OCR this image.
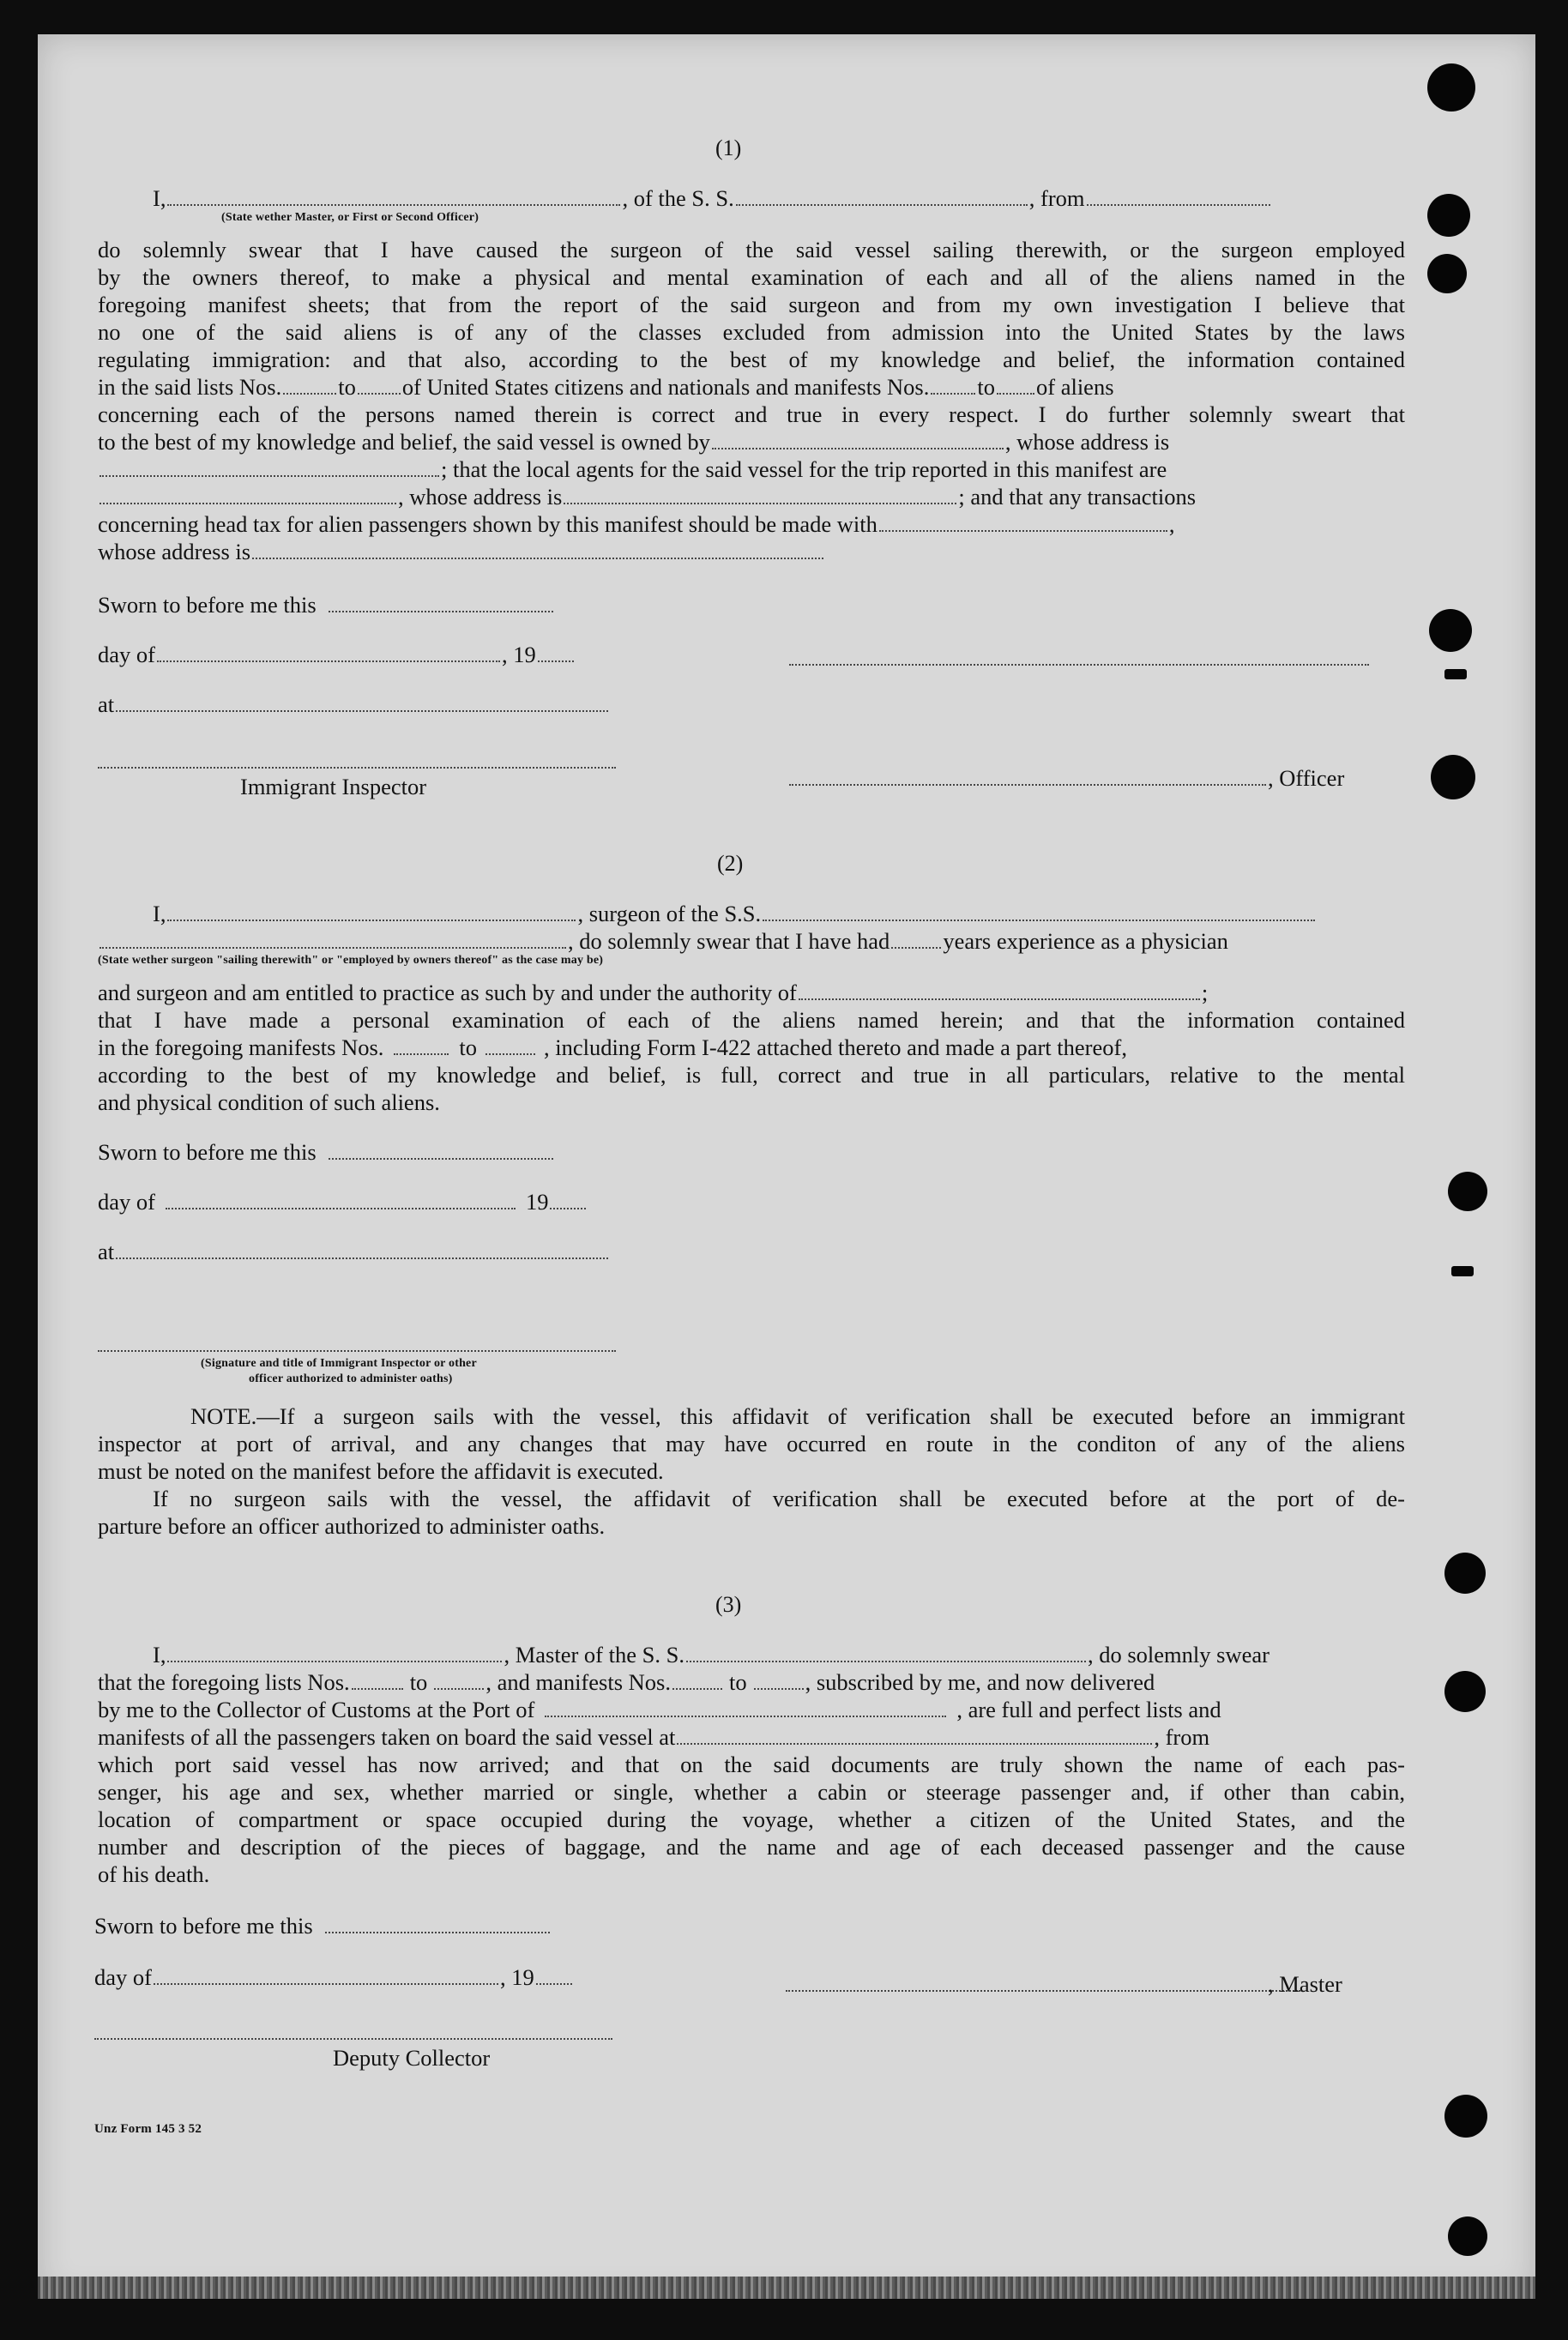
(1)
I,	, of the S. S.	, from
(State wether Master, or First or Second Officer)
do solemnly swear that I have caused the surgeon of the said vessel sailing therewith, or the surgeon employed
by the owners thereof, to make a physical and mental examination of each and all of the aliens named in the
foregoing manifest sheets; that from the report of the said surgeon and from my own investigation I believe that
no one of the said aliens is of any of the classes excluded from admission into the United States by the laws
regulating immigration: and that also, according to the best of my knowledge and belief, the information contained
in the said lists Nos. to of United States citizens and nationals and manifests Nos. to of aliens
concerning each of the persons named therein is correct and true in every respect. I do further solemnly sweart that
to the best of my knowledge and belief, the said vessel is owned by	, whose address is
; that the local agents for the said vessel for the trip reported in this manifest are
, whose address is	; and that any transactions
concerning head tax for alien passengers shown by this manifest should be made with	,
whose address is
Sworn to before me this
day of	, 19
at
Immigrant Inspector	, Officer
(2)
I,	, surgeon of the S.S.
, do solemnly swear that I have had years experience as a physician
(State wether surgeon "sailing therewith" or "employed by owners thereof" as the case may be)
and surgeon and am entitled to practice as such by and under the authority of	;
that I have made a personal examination of each of the aliens named herein; and that the information contained
in the foregoing manifests Nos.	to	, including Form I-422 attached thereto and made a part thereof,
according to the best of my knowledge and belief, is full, correct and true in all particulars, relative to the mental
and physical condition of such aliens.
Sworn to before me this
day of	19
at
(Signature and title of Immigrant Inspector or other
officer authorized to administer oaths)
NOTE.—If a surgeon sails with the vessel, this affidavit of verification shall be executed before an immigrant
inspector at port of arrival, and any changes that may have occurred en route in the conditon of any of the aliens
must be noted on the manifest before the affidavit is executed.
If no surgeon sails with the vessel, the affidavit of verification shall be executed before at the port of de-
parture before an officer authorized to administer oaths.
(3)
I,	, Master of the S. S.	, do solemnly swear
that the foregoing lists Nos.	to	, and manifests Nos.	to	, subscribed by me, and now delivered
by me to the Collector of Customs at the Port of	, are full and perfect lists and
manifests of all the passengers taken on board the said vessel at	, from
which port said vessel has now arrived; and that on the said documents are truly shown the name of each pas-
senger, his age and sex, whether married or single, whether a cabin or steerage passenger and, if other than cabin,
location of compartment or space occupied during the voyage, whether a citizen of the United States, and the
number and description of the pieces of baggage, and the name and age of each deceased passenger and the cause
of his death.
Sworn to before me this
day of	, 19	, Master
Deputy Collector
Unz Form 145 3 52
